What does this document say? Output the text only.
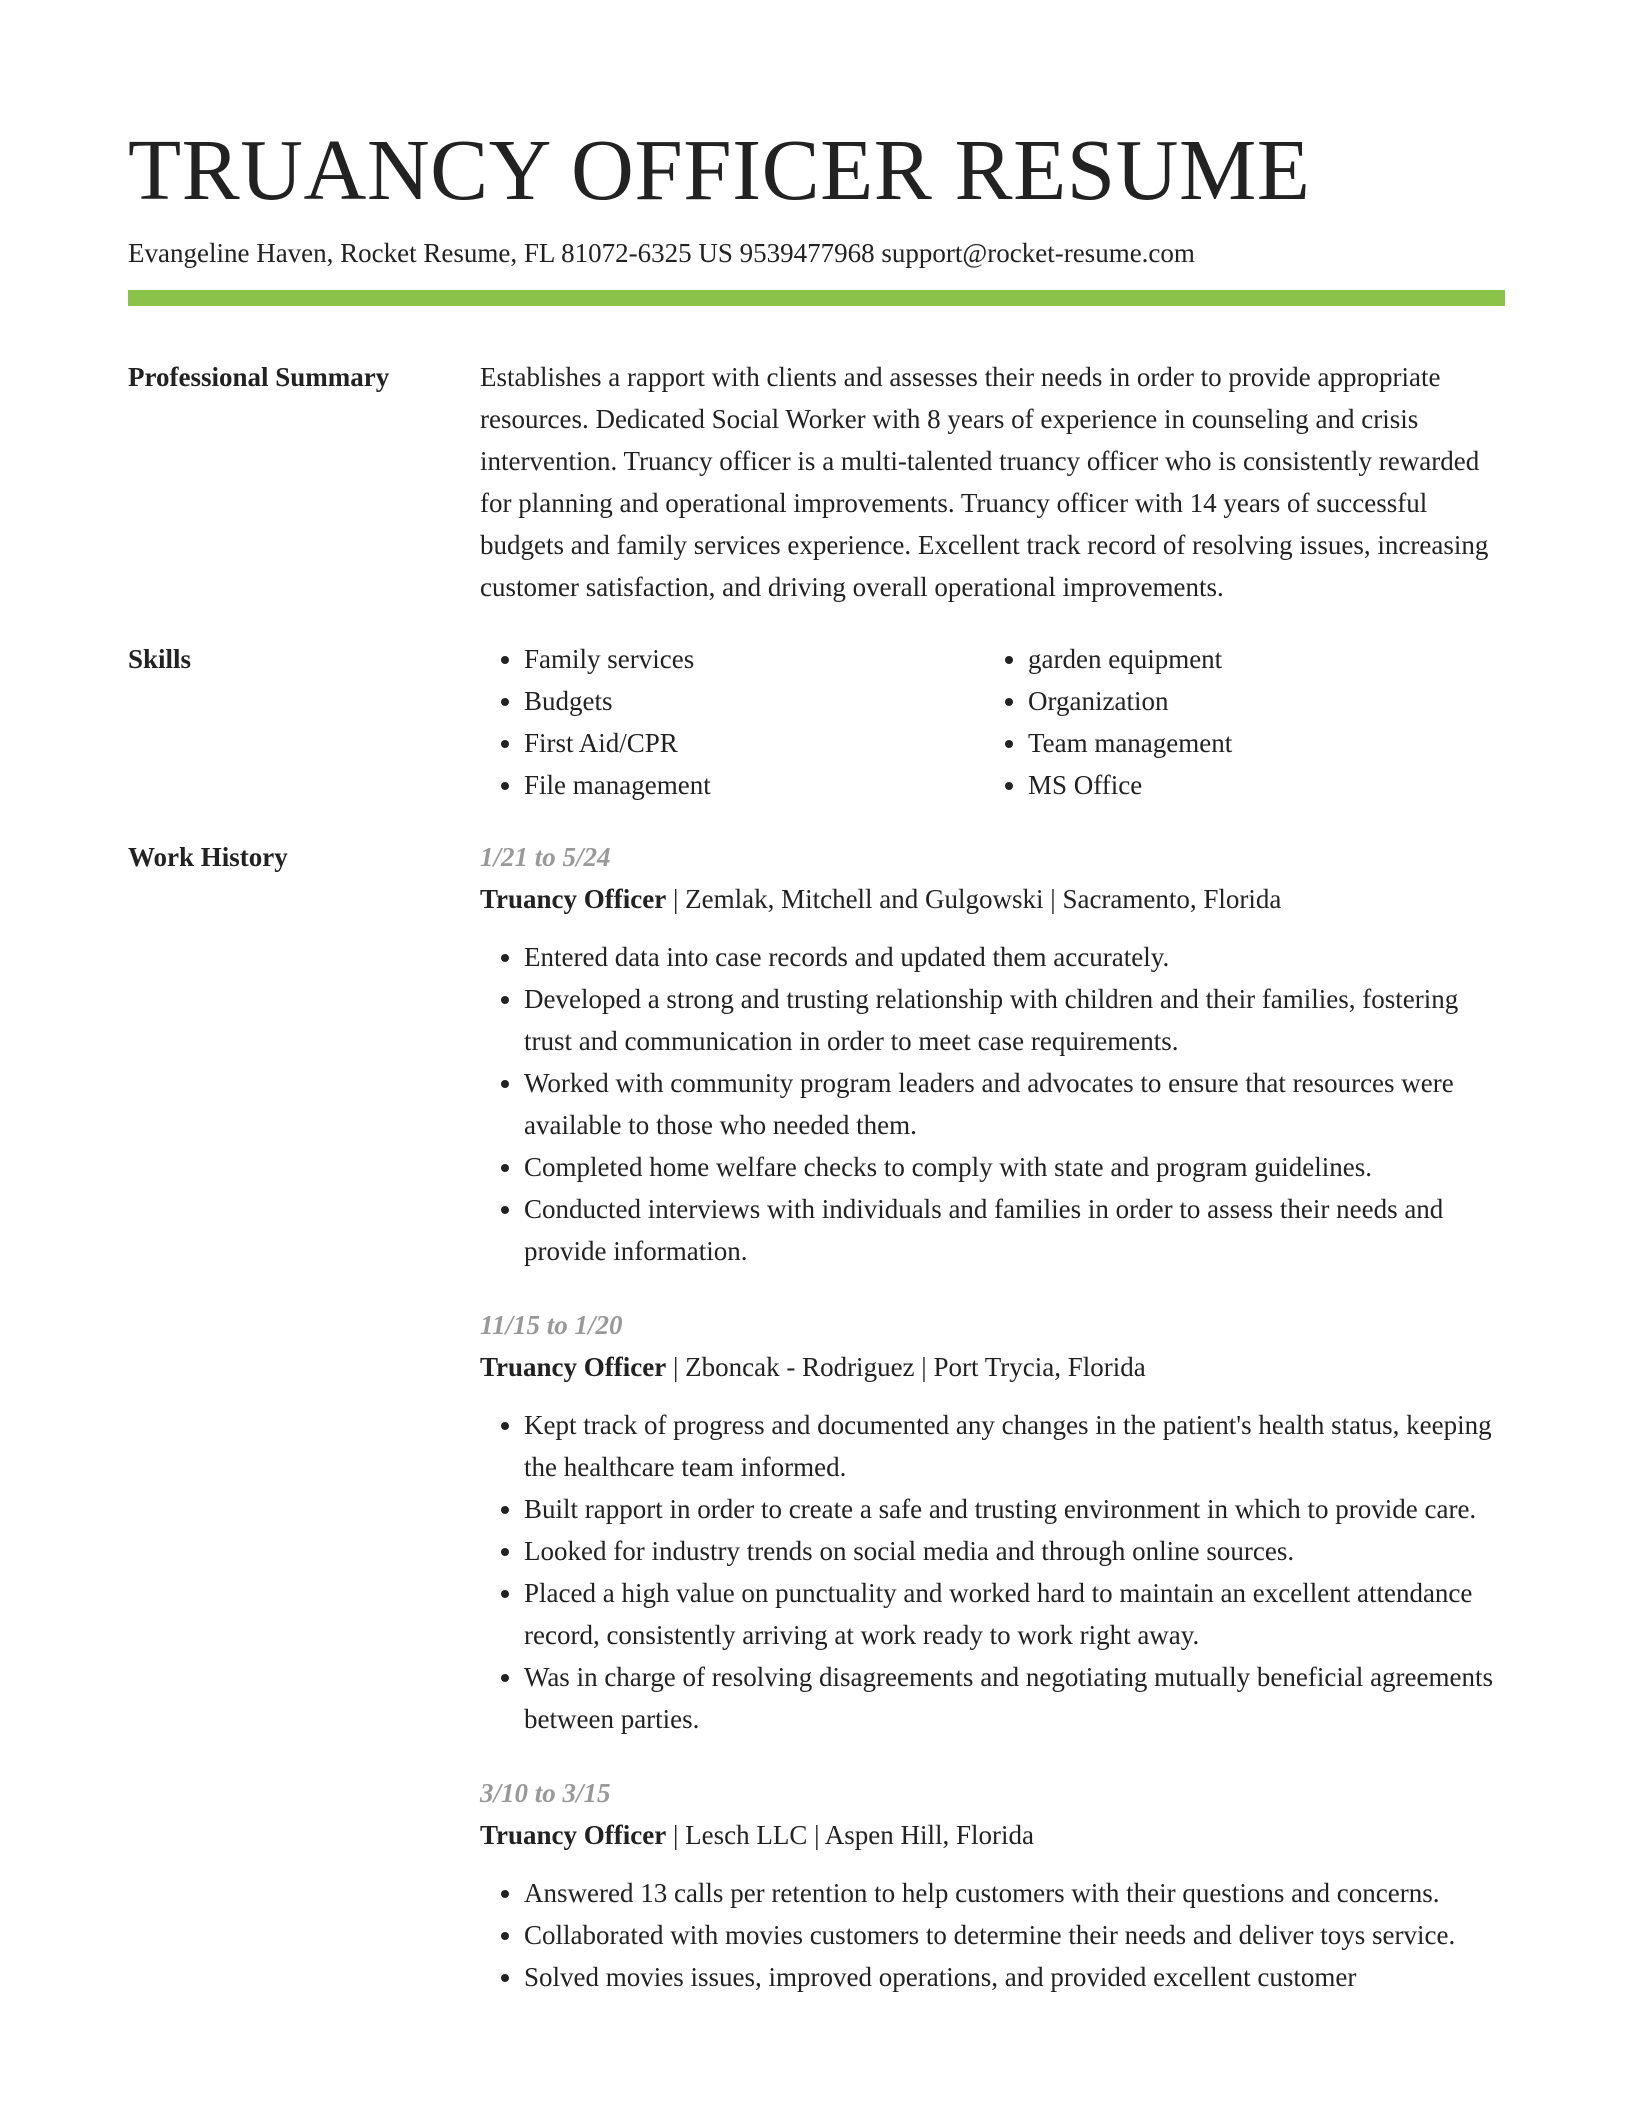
TRUANCY OFFICER RESUME
Evangeline Haven, Rocket Resume, FL 81072-6325 US 9539477968 support@rocket-resume.com
Professional Summary	Establishes a rapport with clients and assesses their needs in order to provide appropriate resources. Dedicated Social Worker with 8 years of experience in counseling and crisis intervention. Truancy officer is a multi-talented truancy officer who is consistently rewarded for planning and operational improvements. Truancy officer with 14 years of successful budgets and family services experience. Excellent track record of resolving issues, increasing customer satisfaction, and driving overall operational improvements.
Skills
•	Family services
• Budgets
• First Aid/CPR
• File management
• garden equipment
• Organization
• Team management
• MS Office
Work History	1/21 to 5/24
Truancy Officer | Zemlak, Mitchell and Gulgowski | Sacramento, Florida
• Entered data into case records and updated them accurately.
• Developed a strong and trusting relationship with children and their families, fostering trust and communication in order to meet case requirements.
• Worked with community program leaders and advocates to ensure that resources were available to those who needed them.
• Completed home welfare checks to comply with state and program guidelines.
• Conducted interviews with individuals and families in order to assess their needs and provide information.
11/15 to 1/20
Truancy Officer | Zboncak - Rodriguez | Port Trycia, Florida
• Kept track of progress and documented any changes in the patient's health status, keeping the healthcare team informed.
• Built rapport in order to create a safe and trusting environment in which to provide care.
• Looked for industry trends on social media and through online sources.
• Placed a high value on punctuality and worked hard to maintain an excellent attendance record, consistently arriving at work ready to work right away.
• Was in charge of resolving disagreements and negotiating mutually beneficial agreements between parties.
3/10 to 3/15
Truancy Officer | Lesch LLC | Aspen Hill, Florida
• Answered 13 calls per retention to help customers with their questions and concerns.
• Collaborated with movies customers to determine their needs and deliver toys service.
• Solved movies issues, improved operations, and provided excellent customer
